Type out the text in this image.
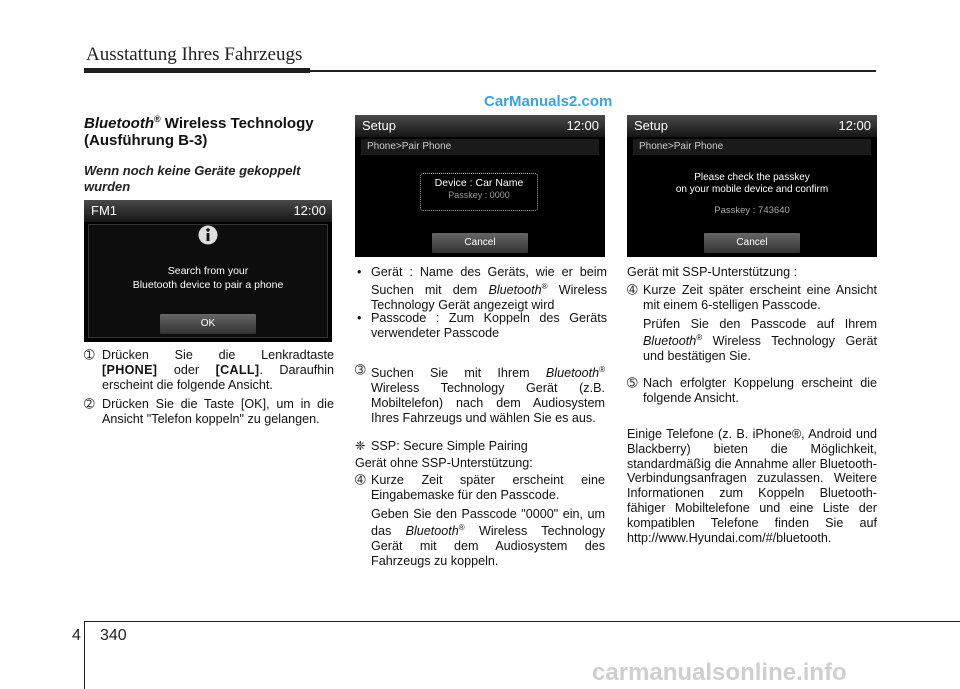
Ausstattung Ihres Fahrzeugs
CarManuals2.com
Bluetooth® Wireless Technology
(Ausführung B-3)
Wenn noch keine Geräte gekoppelt wurden
FM1	12:00
Search from your
Bluetooth device to pair a phone
OK
➀ Drücken Sie die Lenkradtaste
[PHONE] oder [CALL]. Daraufhin
erscheint die folgende Ansicht.
➁ Drücken Sie die Taste [OK], um in die Ansicht "Telefon koppeln" zu gelangen.
Setup	12:00
Phone>Pair Phone
Device : Car Name
Passkey : 0000
Cancel
• Gerät : Name des Geräts, wie er beim Suchen mit dem Bluetooth® Wireless Technology Gerät angezeigt wird
• Passcode : Zum Koppeln des Geräts verwendeter Passcode
➂ Suchen Sie mit Ihrem Bluetooth® Wireless Technology Gerät (z.B. Mobiltelefon) nach dem Audiosystem Ihres Fahrzeugs und wählen Sie es aus.
❈ SSP: Secure Simple Pairing
Gerät ohne SSP-Unterstützung:
➃ Kurze Zeit später erscheint eine Eingabemaske für den Passcode.
Geben Sie den Passcode "0000" ein, um das Bluetooth® Wireless Technology Gerät mit dem Audiosystem des Fahrzeugs zu koppeln.
Setup	12:00
Phone>Pair Phone
Please check the passkey
on your mobile device and confirm
Passkey : 743640
Cancel
Gerät mit SSP-Unterstützung :
➃ Kurze Zeit später erscheint eine Ansicht mit einem 6-stelligen Passcode.
Prüfen Sie den Passcode auf Ihrem Bluetooth® Wireless Technology Gerät und bestätigen Sie.
➄ Nach erfolgter Koppelung erscheint die folgende Ansicht.
Einige Telefone (z. B. iPhone®, Android und Blackberry) bieten die Möglichkeit, standardmäßig die Annahme aller Bluetooth-Verbindungsanfragen zuzulassen. Weitere Informationen zum Koppeln Bluetooth-fähiger Mobiltelefone und eine Liste der kompatiblen Telefone finden Sie auf http://www.Hyundai.com/#/bluetooth.
4 340
carmanualsonline.info
